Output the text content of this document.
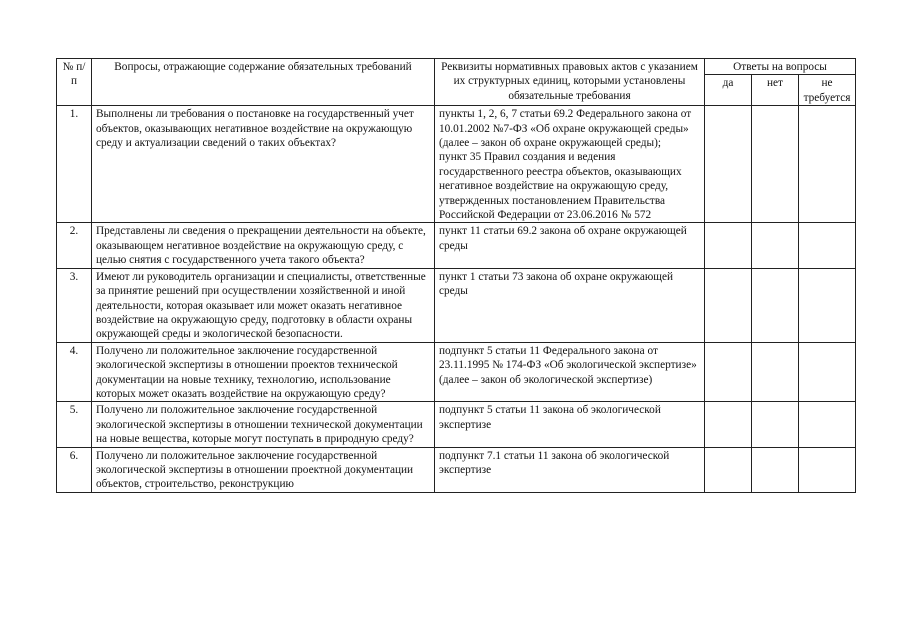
№ п/п	Вопросы, отражающие содержание обязательных требований	Реквизиты нормативных правовых актов с указанием их структурных единиц, которыми установлены обязательные требования	Ответы на вопросы		
			да	нет	не требуется
1.	Выполнены ли требования о постановке на государственный учет объектов, оказывающих негативное воздействие на окружающую среду и актуализации сведений о таких объектах?	пункты 1, 2, 6, 7 статьи 69.2 Федерального закона от 10.01.2002 №7-ФЗ «Об охране окружающей среды» (далее – закон об охране окружающей среды);
пункт 35 Правил создания и ведения государственного реестра объектов, оказывающих негативное воздействие на окружающую среду, утвержденных постановлением Правительства Российской Федерации от 23.06.2016 № 572			

2.	Представлены ли сведения о прекращении деятельности на объекте, оказывающем негативное воздействие на окружающую среду, с целью снятия с государственного учета такого объекта?	пункт 11 статьи 69.2 закона об охране окружающей среды			
3.	Имеют ли руководитель организации и специалисты, ответственные за принятие решений при осуществлении хозяйственной и иной деятельности, которая оказывает или может оказать негативное воздействие на окружающую среду, подготовку в области охраны окружающей среды и экологической безопасности.	пункт 1 статьи 73 закона об охране окружающей среды			
4.	Получено ли положительное заключение государственной экологической экспертизы в отношении проектов технической документации на новые технику, технологию, использование которых может оказать воздействие на окружающую среду?	подпункт 5 статьи 11 Федерального закона от 23.11.1995 № 174-ФЗ «Об экологической экспертизе» (далее – закон об экологической экспертизе)			
5.	Получено ли положительное заключение государственной экологической экспертизы в отношении технической документации на новые вещества, которые могут поступать в природную среду?	подпункт 5 статьи 11 закона об экологической экспертизе			
6.	Получено ли положительное заключение государственной экологической экспертизы в отношении проектной документации объектов, строительство, реконструкцию	подпункт 7.1 статьи 11 закона об экологической экспертизе			
